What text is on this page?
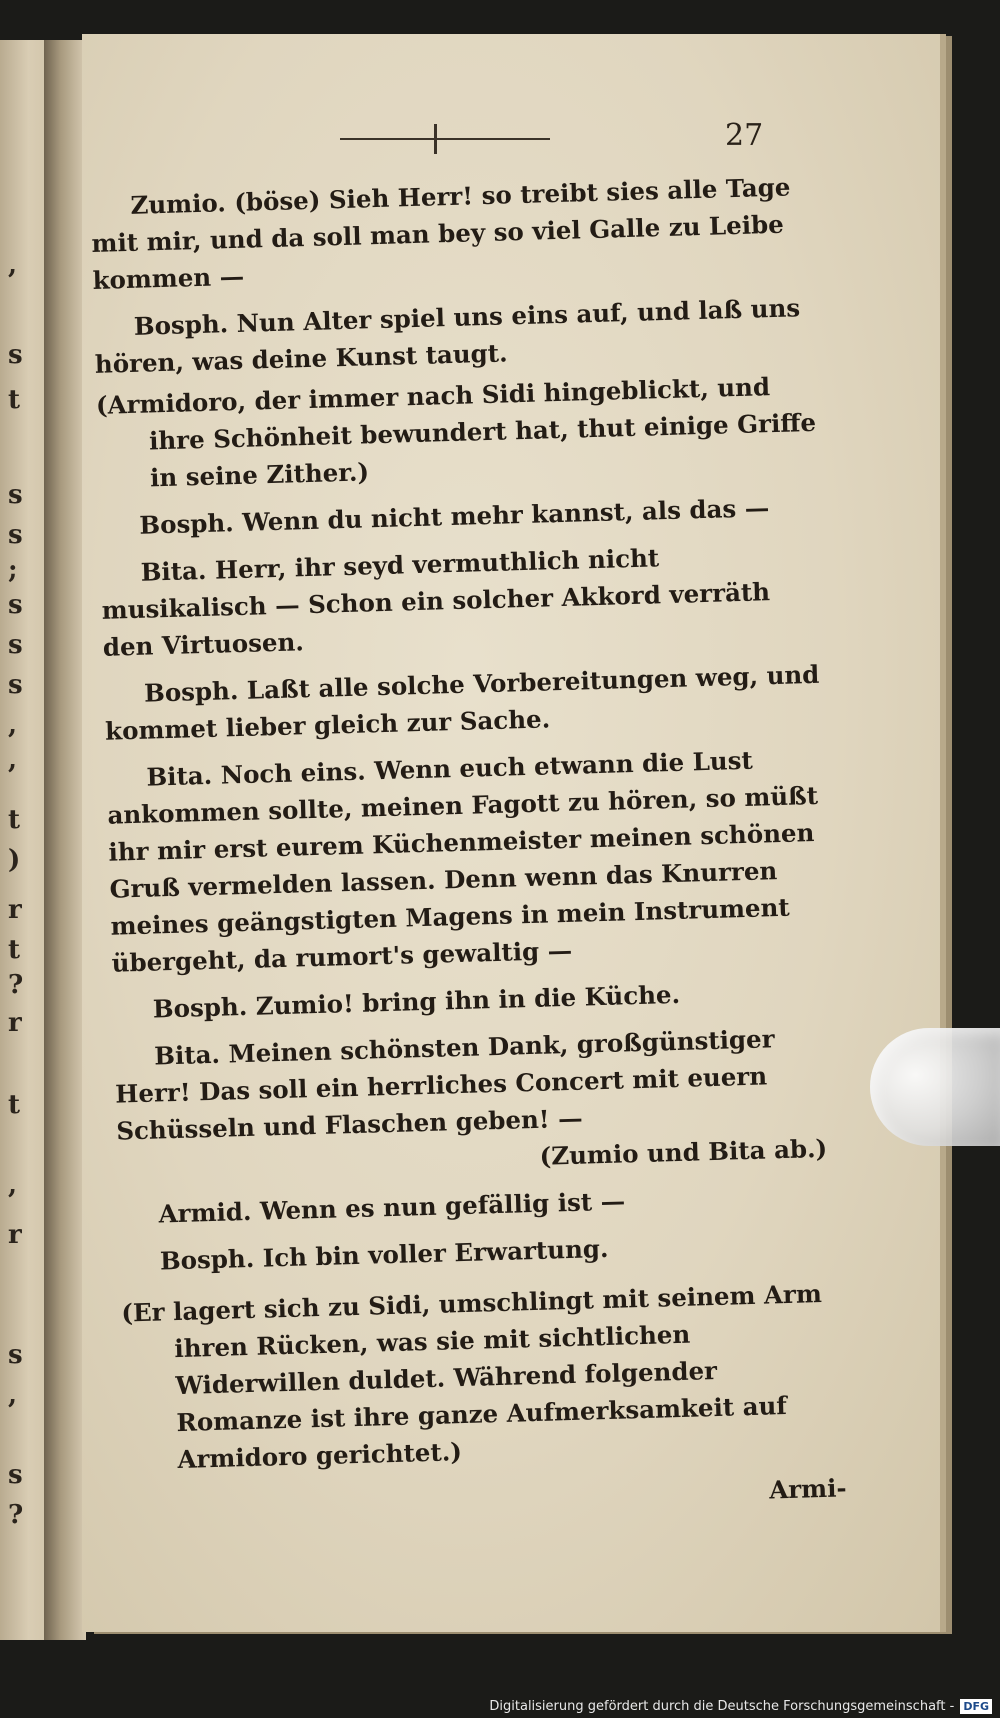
,
s
t
s
s
;
s
s
s
,
,
t
)
r
t
?
r
t
,
r
s
,
s
?
27

Zumio. (böse) Sieh Herr! so treibt sies alle Tage mit mir, und da soll man bey so viel Galle zu Leibe kommen —

Bosph. Nun Alter spiel uns eins auf, und laß uns hören, was deine Kunst taugt.

(Armidoro, der immer nach Sidi hingeblickt, und ihre Schönheit bewundert hat, thut einige Griffe in seine Zither.)

Bosph. Wenn du nicht mehr kannst, als das —

Bita. Herr, ihr seyd vermuthlich nicht musikalisch — Schon ein solcher Akkord verräth den Virtuosen.

Bosph. Laßt alle solche Vorbereitungen weg, und kommet lieber gleich zur Sache.

Bita. Noch eins. Wenn euch etwann die Lust ankommen sollte, meinen Fagott zu hören, so müßt ihr mir erst eurem Küchenmeister meinen schönen Gruß vermelden lassen. Denn wenn das Knurren meines geängstigten Magens in mein Instrument übergeht, da rumort's gewaltig —

Bosph. Zumio! bring ihn in die Küche.

Bita. Meinen schönsten Dank, großgünstiger Herr! Das soll ein herrliches Concert mit euern Schüsseln und Flaschen geben! —

(Zumio und Bita ab.)

Armid. Wenn es nun gefällig ist —

Bosph. Ich bin voller Erwartung.

(Er lagert sich zu Sidi, umschlingt mit seinem Arm ihren Rücken, was sie mit sichtlichen Widerwillen duldet. Während folgender Romanze ist ihre ganze Aufmerksamkeit auf Armidoro gerichtet.)

Armi-

Digitalisierung gefördert durch die Deutsche Forschungsgemeinschaft - DFG
